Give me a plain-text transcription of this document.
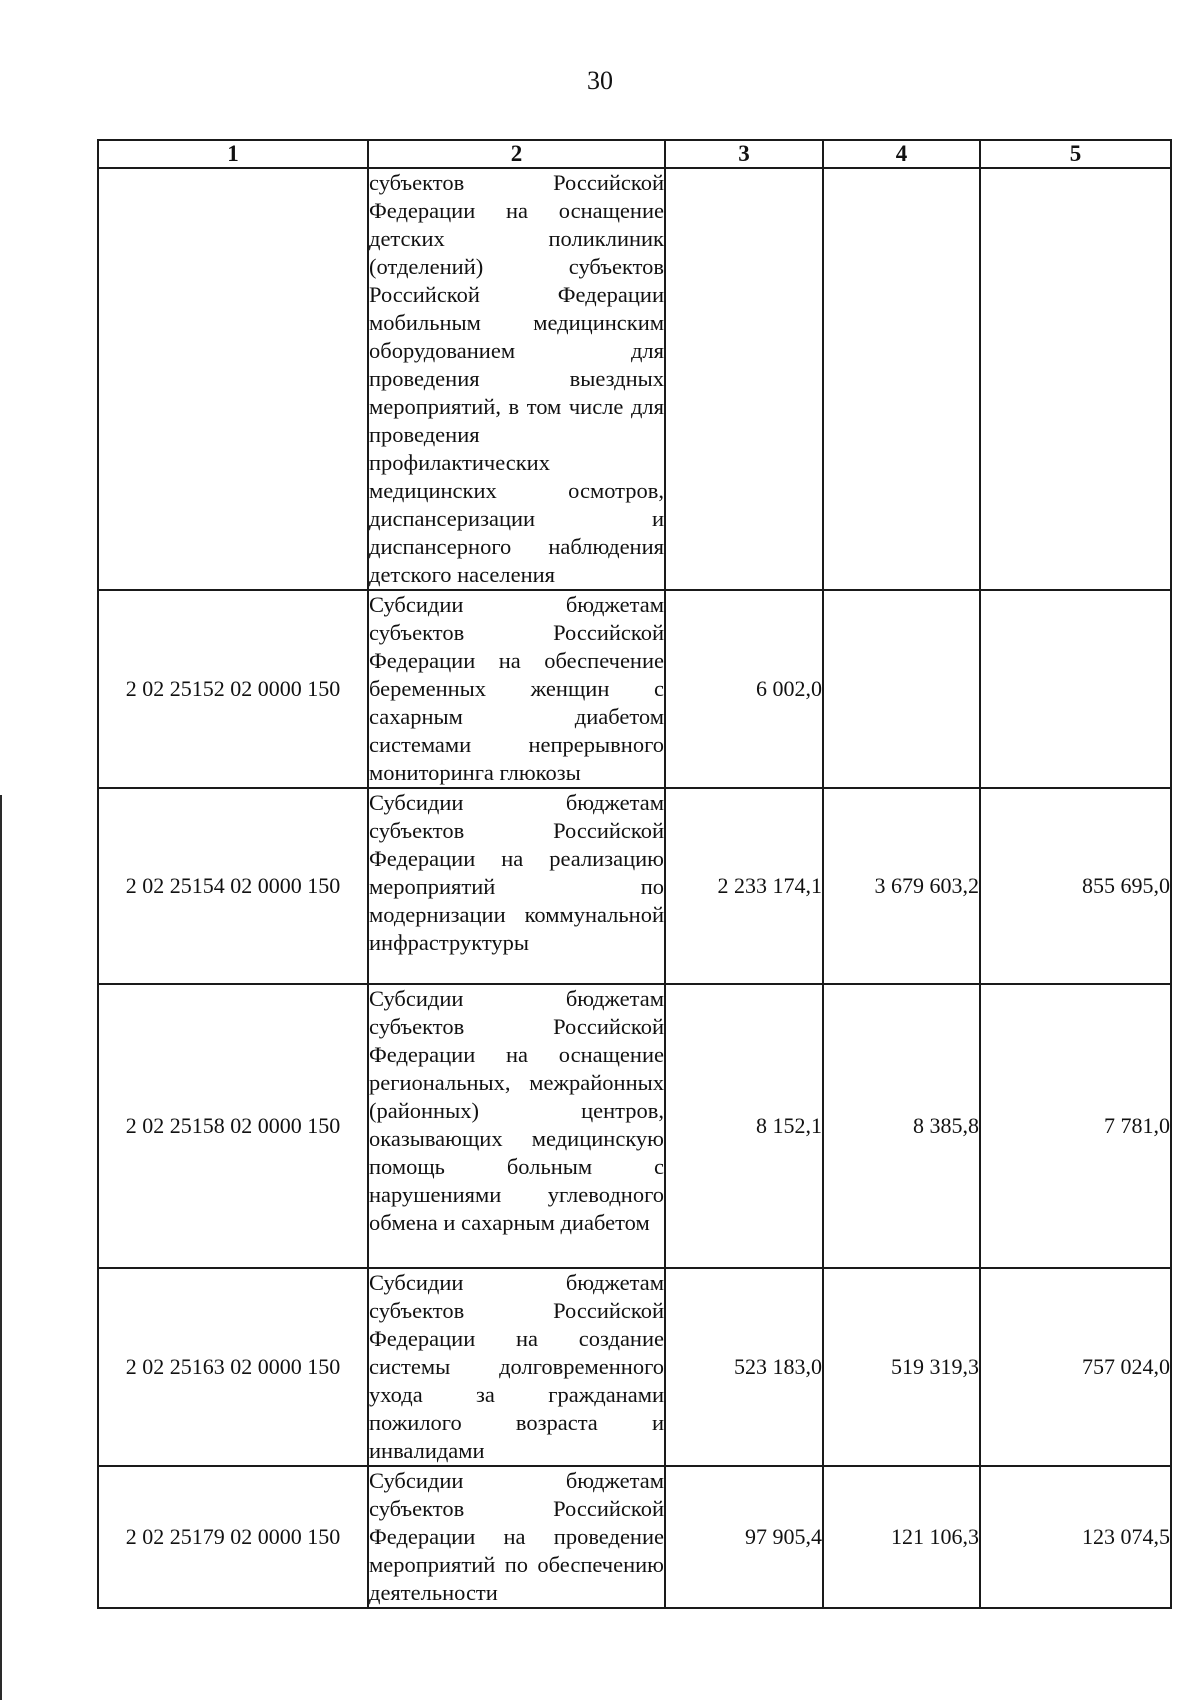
30
1	2	3	4	5
	субъектов Российской Федерации на оснащение детских поликлиник (отделений) субъектов Российской Федерации мобильным медицинским оборудованием для проведения выездных мероприятий, в том числе для проведения профилактических медицинских осмотров, диспансеризации и диспансерного наблюдения детского населения			
2 02 25152 02 0000 150	Субсидии бюджетам субъектов Российской Федерации на обеспечение беременных женщин с сахарным диабетом системами непрерывного мониторинга глюкозы	6 002,0		
2 02 25154 02 0000 150	Субсидии бюджетам субъектов Российской Федерации на реализацию мероприятий по модернизации коммунальной инфраструктуры	2 233 174,1	3 679 603,2	855 695,0
2 02 25158 02 0000 150	Субсидии бюджетам субъектов Российской Федерации на оснащение региональных, межрайонных (районных) центров, оказывающих медицинскую помощь больным с нарушениями углеводного обмена и сахарным диабетом	8 152,1	8 385,8	7 781,0
2 02 25163 02 0000 150	Субсидии бюджетам субъектов Российской Федерации на создание системы долговременного ухода за гражданами пожилого возраста и инвалидами	523 183,0	519 319,3	757 024,0
2 02 25179 02 0000 150	Субсидии бюджетам субъектов Российской Федерации на проведение мероприятий по обеспечению деятельности	97 905,4	121 106,3	123 074,5
